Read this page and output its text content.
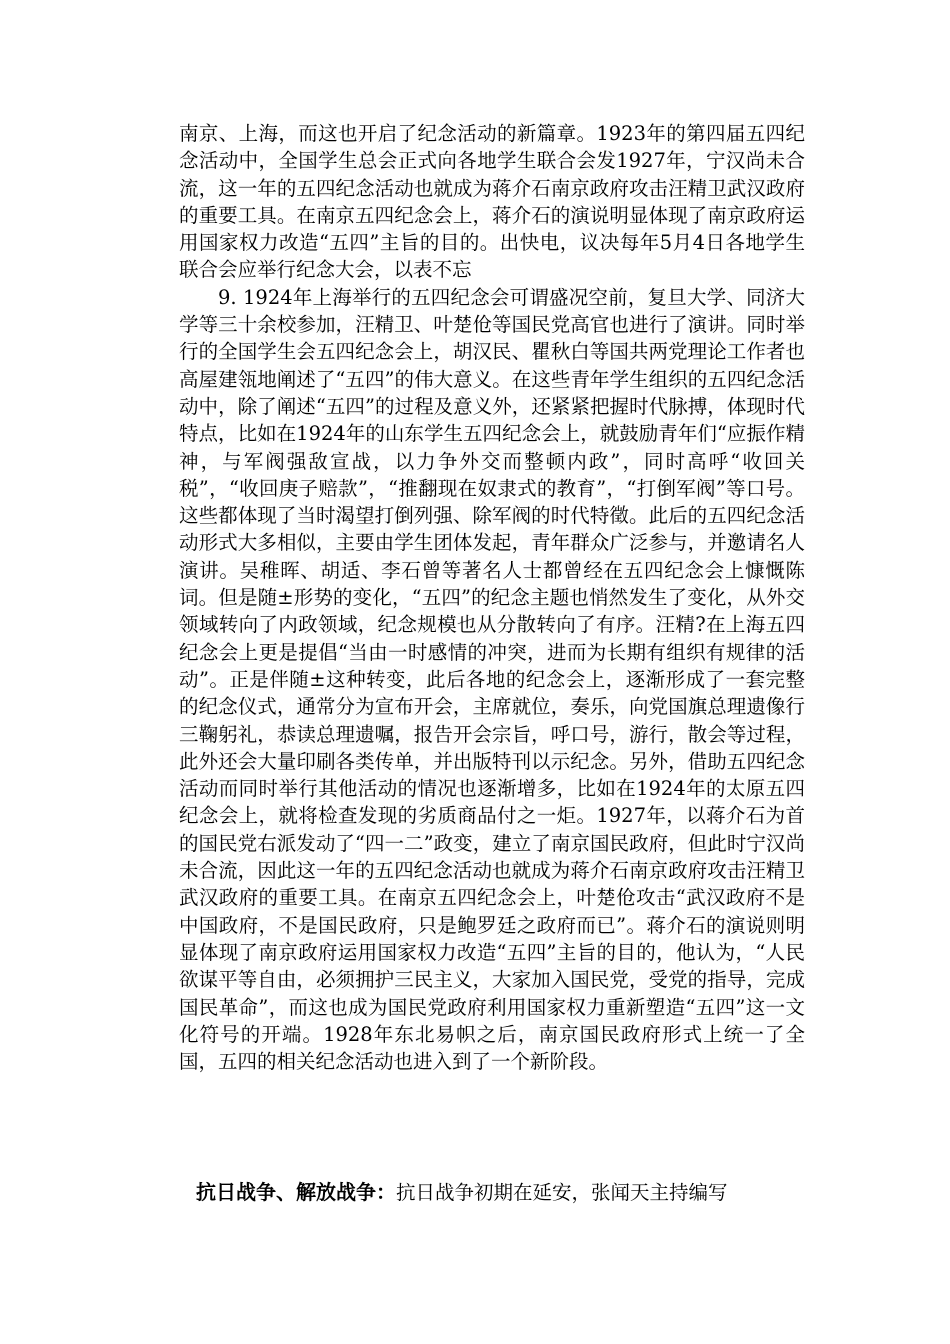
南京、上海，而这也开启了纪念活动的新篇章。1923年的第四届五四纪念活动中，全国学生总会正式向各地学生联合会发1927年，宁汉尚未合流，这一年的五四纪念活动也就成为蒋介石南京政府攻击汪精卫武汉政府的重要工具。在南京五四纪念会上，蒋介石的演说明显体现了南京政府运用国家权力改造“五四”主旨的目的。出快电，议决每年5月4日各地学生联合会应举行纪念大会，以表不忘

9. 1924年上海举行的五四纪念会可谓盛况空前，复旦大学、同济大学等三十余校参加，汪精卫、叶楚伧等国民党高官也进行了演讲。同时举行的全国学生会五四纪念会上，胡汉民、瞿秋白等国共两党理论工作者也高屋建瓴地阐述了“五四”的伟大意义。在这些青年学生组织的五四纪念活动中，除了阐述“五四”的过程及意义外，还紧紧把握时代脉搏，体现时代特点，比如在1924年的山东学生五四纪念会上，就鼓励青年们“应振作精神，与军阀强敌宣战，以力争外交而整顿内政”，同时高呼“收回关税”，“收回庚子赔款”，“推翻现在奴隶式的教育”，“打倒军阀”等口号。这些都体现了当时渴望打倒列强、除军阀的时代特徵。此后的五四纪念活动形式大多相似，主要由学生团体发起，青年群众广泛参与，并邀请名人演讲。吴稚晖、胡适、李石曾等著名人士都曾经在五四纪念会上慷慨陈词。但是随±形势的变化，“五四”的纪念主题也悄然发生了变化，从外交领域转向了内政领域，纪念规模也从分散转向了有序。汪精?在上海五四纪念会上更是提倡“当由一时感情的冲突，进而为长期有组织有规律的活动”。正是伴随±这种转变，此后各地的纪念会上，逐渐形成了一套完整的纪念仪式，通常分为宣布开会，主席就位，奏乐，向党国旗总理遗像行三鞠躬礼，恭读总理遗嘱，报告开会宗旨，呼口号，游行，散会等过程，此外还会大量印刷各类传单，并出版特刊以示纪念。另外，借助五四纪念活动而同时举行其他活动的情况也逐渐增多，比如在1924年的太原五四纪念会上，就将检查发现的劣质商品付之一炬。1927年，以蒋介石为首的国民党右派发动了“四一二”政变，建立了南京国民政府，但此时宁汉尚未合流，因此这一年的五四纪念活动也就成为蒋介石南京政府攻击汪精卫武汉政府的重要工具。在南京五四纪念会上，叶楚伧攻击“武汉政府不是中国政府，不是国民政府，只是鲍罗廷之政府而已”。蒋介石的演说则明显体现了南京政府运用国家权力改造“五四”主旨的目的，他认为，“人民欲谋平等自由，必须拥护三民主义，大家加入国民党，受党的指导，完成国民革命”，而这也成为国民党政府利用国家权力重新塑造“五四”这一文化符号的开端。1928年东北易帜之后，南京国民政府形式上统一了全国，五四的相关纪念活动也进入到了一个新阶段。

抗日战争、解放战争：抗日战争初期在延安，张闻天主持编写
